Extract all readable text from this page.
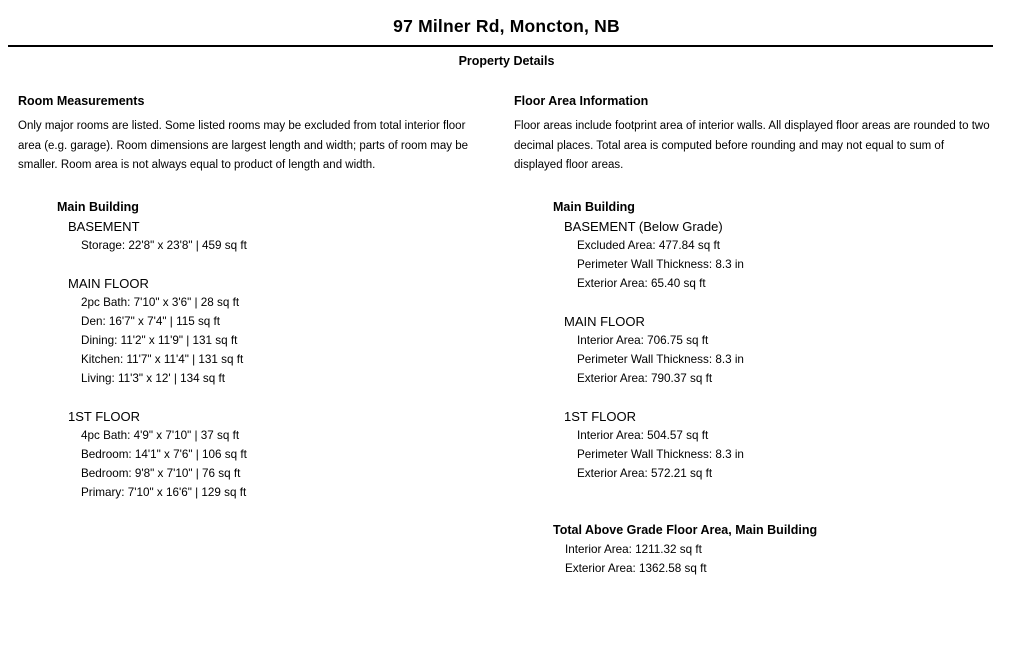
97 Milner Rd, Moncton, NB
Property Details
Room Measurements

Only major rooms are listed. Some listed rooms may be excluded from total interior floor area (e.g. garage). Room dimensions are largest length and width; parts of room may be smaller. Room area is not always equal to product of length and width.

Main Building
BASEMENT
Storage: 22'8" x 23'8" | 459 sq ft
MAIN FLOOR
2pc Bath: 7'10" x 3'6" | 28 sq ft
Den: 16'7" x 7'4" | 115 sq ft
Dining: 11'2" x 11'9" | 131 sq ft
Kitchen: 11'7" x 11'4" | 131 sq ft
Living: 11'3" x 12' | 134 sq ft
1ST FLOOR
4pc Bath: 4'9" x 7'10" | 37 sq ft
Bedroom: 14'1" x 7'6" | 106 sq ft
Bedroom: 9'8" x 7'10" | 76 sq ft
Primary: 7'10" x 16'6" | 129 sq ft
Floor Area Information

Floor areas include footprint area of interior walls. All displayed floor areas are rounded to two decimal places. Total area is computed before rounding and may not equal to sum of displayed floor areas.

Main Building
BASEMENT (Below Grade)
Excluded Area: 477.84 sq ft
Perimeter Wall Thickness: 8.3 in
Exterior Area: 65.40 sq ft
MAIN FLOOR
Interior Area: 706.75 sq ft
Perimeter Wall Thickness: 8.3 in
Exterior Area: 790.37 sq ft
1ST FLOOR
Interior Area: 504.57 sq ft
Perimeter Wall Thickness: 8.3 in
Exterior Area: 572.21 sq ft
Total Above Grade Floor Area, Main Building
Interior Area: 1211.32 sq ft
Exterior Area: 1362.58 sq ft
